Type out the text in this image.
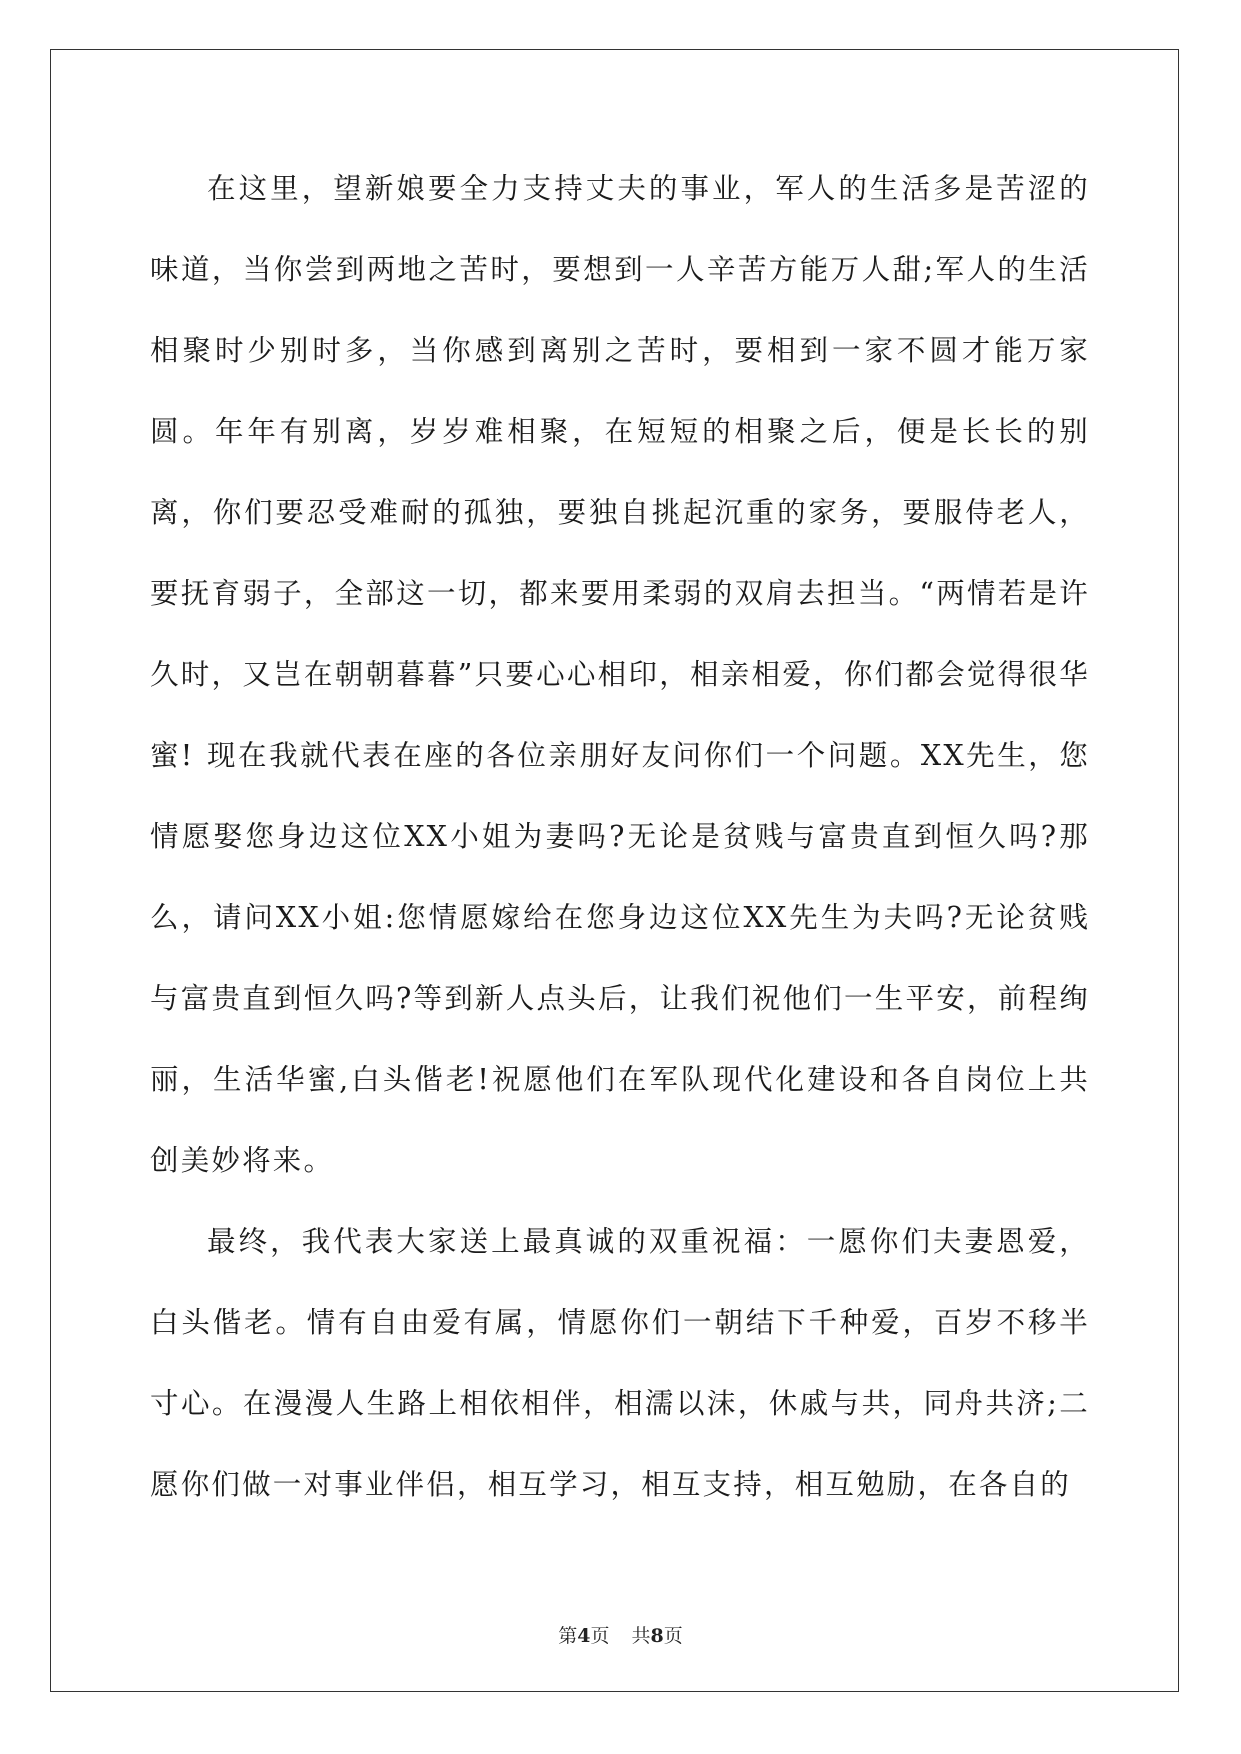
在这里，望新娘要全力支持丈夫的事业，军人的生活多是苦涩的味道，当你尝到两地之苦时，要想到一人辛苦方能万人甜;军人的生活相聚时少别时多，当你感到离别之苦时，要相到一家不圆才能万家圆。年年有别离，岁岁难相聚，在短短的相聚之后，便是长长的别离，你们要忍受难耐的孤独，要独自挑起沉重的家务，要服侍老人，要抚育弱子，全部这一切，都来要用柔弱的双肩去担当。“两情若是许久时，又岂在朝朝暮暮”只要心心相印，相亲相爱，你们都会觉得很华蜜! 现在我就代表在座的各位亲朋好友问你们一个问题。XX先生，您情愿娶您身边这位XX小姐为妻吗?无论是贫贱与富贵直到恒久吗?那么，请问XX小姐:您情愿嫁给在您身边这位XX先生为夫吗?无论贫贱与富贵直到恒久吗?等到新人点头后，让我们祝他们一生平安，前程绚丽，生活华蜜,白头偕老!祝愿他们在军队现代化建设和各自岗位上共创美妙将来。

最终，我代表大家送上最真诚的双重祝福：一愿你们夫妻恩爱，白头偕老。情有自由爱有属，情愿你们一朝结下千种爱，百岁不移半寸心。在漫漫人生路上相依相伴，相濡以沫，休戚与共，同舟共济;二愿你们做一对事业伴侣，相互学习，相互支持，相互勉励，在各自的

第4页 共8页
